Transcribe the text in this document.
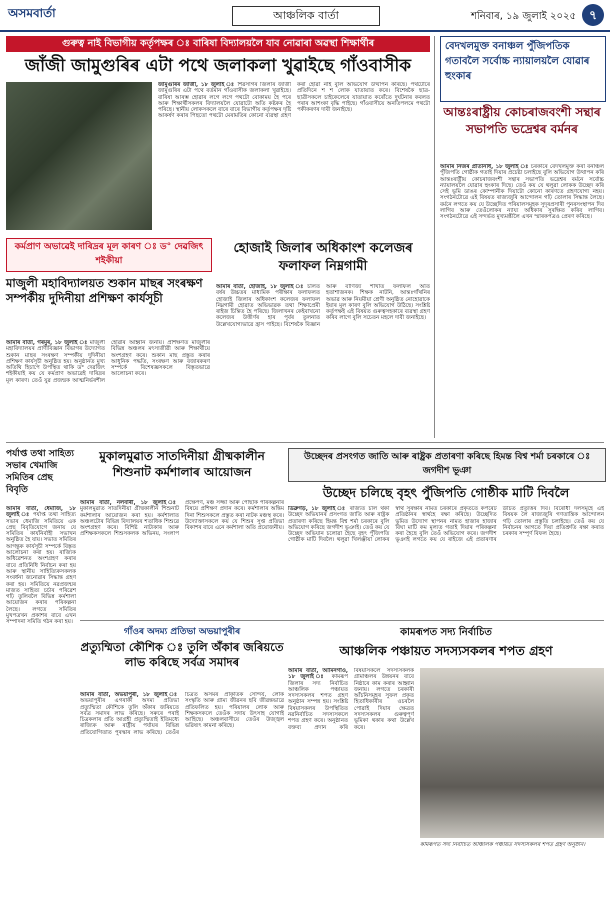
অসমবাৰ্তা	আঞ্চলিক বাৰ্তা	শনিবাৰ, ১৯ জুলাই ২০২৫	৭
গুৰুত্ব নাই বিভাগীয় কৰ্তৃপক্ষৰ ঃ বাৰিষা বিদ্যালয়লৈ যাব নোৱাৰা অৱস্থা শিক্ষাৰ্থীৰ
জাঁজী জামুগুৰিৰ এটা পথে জলাকলা খুৱাইছে গাঁওবাসীক
জামুগুৰিৰ জাঁজী, ১৮ জুলাই ঃ শিৱসাগৰ জিলাৰ জাঁজী জামুগুৰিৰ এটা পথে বৰ্তমান গাঁওবাসীক জলাকলা খুৱাইছে। বাৰিষা আৰম্ভ হোৱাৰ লগে লগে পথটো বোকাময় হৈ পৰে আৰু শিক্ষাৰ্থীসকলৰ বিদ্যালয়লৈ যোৱাটো অতি কষ্টকৰ হৈ পৰিছে। স্থানীয় লোকসকলে বাৰে বাৰে বিভাগীয় কৰ্তৃপক্ষৰ দৃষ্টি আকৰ্ষণ কৰাৰ পিছতো পথটো মেৰামতিৰ কোনো ব্যৱস্থা গ্ৰহণ কৰা হোৱা নাই বুলি অভিযোগ উত্থাপন কৰিছে। পথটোৰে প্ৰতিদিনে শ শ লোক যাতায়াত কৰে। বিশেষকৈ ছাত্ৰ-ছাত্ৰীসকলে চাইকেলেৰে যাতায়াত কৰোঁতে দুৰ্ঘটনাৰ কবলত পৰাৰ আশংকা বৃদ্ধি পাইছে। গাঁওবাসীয়ে অনতিপলমে পথটো পকীকৰণৰ দাবী জনাইছে।
বেদখলমুক্ত বনাঞ্চল পুঁজিপতিক গতাবলৈ সৰ্বোচ্চ ন্যায়ালয়লৈ যোৱাৰ হুংকাৰ
আন্তঃৰাষ্ট্ৰীয় কোচৰাজবংশী সন্থাৰ সভাপতি ভদ্ৰেশ্বৰ বৰ্মনৰ
আমাৰ নিজৰ প্ৰতিনিধি, ১৮ জুলাই ঃ চৰকাৰে বেদখলমুক্ত কৰা বনাঞ্চল পুঁজিপতি গোষ্ঠীক গতাই দিয়াৰ প্ৰচেষ্টা চলাইছে বুলি অভিযোগ উত্থাপন কৰি আন্তঃৰাষ্ট্ৰীয় কোচৰাজবংশী সন্থাৰ সভাপতি ভদ্ৰেশ্বৰ বৰ্মনে সৰ্বোচ্চ ন্যায়ালয়লৈ যোৱাৰ হুংকাৰ দিছে। তেওঁ কয় যে থলুৱা লোকক উচ্ছেদ কৰি সেই ভূমি ডাঙৰ কোম্পানীক দিয়াটো কোনো কাৰণতে গ্ৰহণযোগ্য নহয়। সংগঠনটোৱে এই বিষয়ত ৰাজ্যজুৰি আন্দোলন গঢ়ি তোলাৰ সিদ্ধান্ত লৈছে। বৰ্মনে লগতে কয় যে উচ্ছেদিত পৰিয়ালসমূহক সুদূৰপ্ৰসাৰী পুনৰসংস্থাপন দিব লাগিব আৰু তেওঁলোকৰ ন্যায্য অধিকাৰ সুৰক্ষিত কৰিব লাগিব। সংগঠনটোৱে এই সন্দৰ্ভত মুখ্যমন্ত্ৰীলৈ এখন স্মাৰকপত্ৰও প্ৰেৰণ কৰিছে।
কৰ্মপ্ৰাণ অভাৱেই দাৰিদ্ৰৰ মূল কাৰণ ঃ ড° দেৱজিৎ শইকীয়া
মাজুলী মহাবিদ্যালয়ত শুকান মাছৰ সংৰক্ষণ সম্পৰ্কীয় দুদিনীয়া প্ৰশিক্ষণ কাৰ্যসূচী
আমাৰ বাৰ্তা, গৰমুৰ, ১৮ জুলাই ঃ মাজুলী মহাবিদ্যালয়ৰ প্ৰাণীবিজ্ঞান বিভাগৰ উদ্যোগত শুকান মাছৰ সংৰক্ষণ সম্পৰ্কীয় দুদিনীয়া প্ৰশিক্ষণ কাৰ্যসূচী অনুষ্ঠিত হয়। অনুষ্ঠানত মুখ্য অতিথি হিচাপে উপস্থিত থাকি ড° দেৱজিৎ শইকীয়াই কয় যে কৰ্মপ্ৰাণ অভাৱেই দাৰিদ্ৰৰ মূল কাৰণ। তেওঁ যুৱ প্ৰজন্মক আত্মনিৰ্ভৰশীল হোৱাৰ আহ্বান জনায়। প্ৰশিক্ষণত মাজুলীৰ বিভিন্ন অঞ্চলৰ মৎস্যজীৱী আৰু শিক্ষাৰ্থীয়ে অংশগ্ৰহণ কৰে। শুকান মাছ প্ৰস্তুত কৰাৰ আধুনিক পদ্ধতি, সংৰক্ষণ আৰু বজাৰকৰণ সম্পৰ্কে বিশেষজ্ঞসকলে বিস্তৃতভাৱে আলোচনা কৰে।
হোজাই জিলাৰ অধিকাংশ কলেজৰ ফলাফল নিম্নগামী
আমাৰ বাৰ্তা, হোজাই, ১৮ জুলাই ঃ চলিত বৰ্ষৰ উচ্চতৰ মাধ্যমিক পৰীক্ষাৰ ফলাফলত হোজাই জিলাৰ অধিকাংশ কলেজৰ ফলাফল নিম্নগামী হোৱাত অভিভাৱক তথা শিক্ষাপ্ৰেমী ৰাইজ চিন্তিত হৈ পৰিছে। জিলাখনৰ কেইবাখনো কলেজৰ উত্তীৰ্ণৰ হাৰ পূৰ্বৰ তুলনাত উল্লেখযোগ্যভাৱে হ্ৰাস পাইছে। বিশেষকৈ বিজ্ঞান আৰু বাণিজ্য শাখাত ফলাফল অতি হতাশাজনক। শিক্ষক নাটনি, আন্তঃগাঁথনিৰ অভাৱ আৰু নিয়মীয়া শ্ৰেণী অনুষ্ঠিত নোহোৱাকে ইয়াৰ মূল কাৰণ বুলি অভিযোগ উঠিছে। সংশ্লিষ্ট কৰ্তৃপক্ষই এই বিষয়ত গুৰুত্বসহকাৰে ব্যৱস্থা গ্ৰহণ কৰিব লাগে বুলি সচেতন মহলে দাবী জনাইছে।
পৰ্যাপ্ত তথা সাহিত্য সভাৰ খেমাজি সমিতিৰ প্ৰেছ বিবৃতি
আমাৰ বাৰ্তা, ধেমাজি, ১৮ জুলাই ঃ পৰ্যাপ্ত তথা সাহিত্য সভাৰ ধেমাজি সমিতিয়ে এক প্ৰেছ বিবৃতিযোগে জনায় যে সমিতিৰ কাৰ্যনিৰ্বাহী সভাখন অনুষ্ঠিত হৈ যায়। সভাত সমিতিৰ আগন্তুক কাৰ্যসূচী সম্পৰ্কে বিস্তৃত আলোচনা কৰা হয়। ৰাজ্যিক অধিৱেশনত অংশগ্ৰহণ কৰাৰ বাবে প্ৰতিনিধি নিৰ্বাচন কৰা হয় আৰু স্থানীয় সাহিত্যিকসকলক সংবৰ্ধনা জনোৱাৰ সিদ্ধান্ত গ্ৰহণ কৰা হয়। সমিতিয়ে নৱপ্ৰজন্মৰ মাজত সাহিত্য চৰ্চাৰ পৰিৱেশ গঢ়ি তুলিবলৈ বিভিন্ন কৰ্মশালা আয়োজন কৰাৰ পৰিকল্পনা লৈছে। লগতে সমিতিৰ মুখপত্ৰখন প্ৰকাশৰ বাবে এখন সম্পাদনা সমিতি গঠন কৰা হয়।
মুকালমুৱাত সাতদিনীয়া গ্ৰীষ্মকালীন শিশুনাট কৰ্মশালাৰ আয়োজন
আমাৰ বাৰ্তা, নলবাৰী, ১৮ জুলাই ঃ মুকালমুৱাত সাতদিনীয়া গ্ৰীষ্মকালীন শিশুনাট কৰ্মশালাৰ আয়োজন কৰা হয়। কৰ্মশালাত অঞ্চলটোৰ বিভিন্ন বিদ্যালয়ৰ শতাধিক শিশুৱে অংশগ্ৰহণ কৰে। বিশিষ্ট নাট্যকাৰ আৰু প্ৰশিক্ষকসকলে শিশুসকলক অভিনয়, সংলাপ প্ৰক্ষেপণ, মঞ্চ সজ্জা আৰু পোছাক পৰিকল্পনাৰ বিষয়ে প্ৰশিক্ষণ প্ৰদান কৰে। কৰ্মশালাৰ অন্তিম দিনা শিশুসকলে প্ৰস্তুত কৰা নাটক মঞ্চস্থ কৰে। উদ্যোক্তাসকলে কয় যে শিশুৰ সুপ্ত প্ৰতিভা বিকাশৰ বাবে এনে কৰ্মশালা অতি প্ৰয়োজনীয়।
উচ্ছেদৰ প্ৰসংগত জাতি আৰু ৰাষ্ট্ৰক প্ৰতাৰণা কৰিছে হিমন্ত বিশ্ব শৰ্মা চৰকাৰে ঃ জগদীশ ভূঞা
উচ্ছেদ চলিছে বৃহৎ পুঁজিপতি গোষ্ঠীক মাটি দিবলৈ
ডিব্ৰুগড়, ১৮ জুলাই ঃ ৰাজ্যত চলি থকা উচ্ছেদ অভিযানৰ প্ৰসংগত জাতি আৰু ৰাষ্ট্ৰক প্ৰতাৰণা কৰিছে হিমন্ত বিশ্ব শৰ্মা চৰকাৰে বুলি অভিযোগ কৰিছে জগদীশ ভূঞাই। তেওঁ কয় যে উচ্ছেদ অভিযান চলোৱা হৈছে বৃহৎ পুঁজিপতি গোষ্ঠীক মাটি দিবলৈ। থলুৱা খিলঞ্জীয়া লোকৰ স্বাৰ্থ সুৰক্ষাৰ নামত চৰকাৰে প্ৰকৃততে কৰ্পৰেট প্ৰতিষ্ঠানৰ স্বাৰ্থহে ৰক্ষা কৰিছে। উচ্ছেদিত ভূমিত উদ্যোগ স্থাপনৰ নামত হাজাৰ হাজাৰ বিঘা মাটি কম মূল্যত গতাই দিয়াৰ পৰিকল্পনা কৰা হৈছে বুলি তেওঁ অভিযোগ কৰে। জগদীশ ভূঞাই লগতে কয় যে ৰাইজে এই প্ৰতাৰণাৰ উচিত প্ৰত্যুত্তৰ দিব। বিৰোধী দলসমূহে এই বিষয়ক লৈ ৰাজ্যজুৰি গণতান্ত্ৰিক আন্দোলন গঢ়ি তোলাৰ প্ৰস্তুতি চলাইছে। তেওঁ কয় যে নিৰ্বাচনৰ আগতে দিয়া প্ৰতিশ্ৰুতি ৰক্ষা কৰাত চৰকাৰ সম্পূৰ্ণ বিফল হৈছে।
গাঁওৰ অদম্য প্ৰতিভা অভয়াপুৰীৰ
প্ৰত্যুম্মিতা কৌশিক ঃ তুলি অঁকাৰ জৰিয়তে লাভ কৰিছে সৰ্বত্ৰ সমাদৰ
আমাৰ বাৰ্তা, অভয়াপুৰী, ১৮ জুলাই ঃ অভয়াপুৰীৰ এগৰাকী অদম্য প্ৰতিভা প্ৰত্যুম্মিতা কৌশিকে তুলি অঁকাৰ জৰিয়তে সৰ্বত্ৰ সমাদৰ লাভ কৰিছে। সৰুৰে পৰাই চিত্ৰকলাৰ প্ৰতি আগ্ৰহী প্ৰত্যুম্মিতাই ইতিমধ্যে ৰাজ্যিক আৰু ৰাষ্ট্ৰীয় পৰ্যায়ৰ বিভিন্ন প্ৰতিযোগিতাত পুৰস্কাৰ লাভ কৰিছে। তেওঁৰ চিত্ৰত অসমৰ প্ৰাকৃতিক সৌন্দৰ্য, লোক সংস্কৃতি আৰু গ্ৰাম্য জীৱনৰ ছবি জীৱন্তভাৱে প্ৰতিফলিত হয়। পৰিয়ালৰ লোক আৰু শিক্ষকসকলে তেওঁক সদায় উৎসাহ যোগাই আহিছে। অঞ্চলবাসীয়ে তেওঁৰ উজ্জ্বল ভৱিষ্যৎ কামনা কৰিছে।
কামৰূপত সদ্য নিৰ্বাচিত
আঞ্চলিক পঞ্চায়ত সদস্যসকলৰ শপত গ্ৰহণ
আমাৰ বাৰ্তা, আমিনগাঁও, ১৮ জুলাই ঃ কামৰূপ জিলাৰ সদ্য নিৰ্বাচিত আঞ্চলিক পঞ্চায়ত সদস্যসকলৰ শপত গ্ৰহণ অনুষ্ঠান সম্পন্ন হয়। সংশ্লিষ্ট বিষয়াসকলৰ উপস্থিতিত নৱনিৰ্বাচিত সদস্যসকলে শপত গ্ৰহণ কৰে। অনুষ্ঠানত বক্তব্য প্ৰদান কৰি বিষয়াসকলে সদস্যসকলক গ্ৰামাঞ্চলৰ উন্নয়নৰ বাবে নিষ্ঠাৰে কাম কৰাৰ আহ্বান জনায়। লগতে চৰকাৰী আঁচনিসমূহৰ সুফল প্ৰকৃত হিতাধিকাৰীৰ ওচৰলৈ পোৱাই দিয়াৰ ক্ষেত্ৰত সদস্যসকলৰ গুৰুত্বপূৰ্ণ ভূমিকা থকাৰ কথা উল্লেখ কৰে।
কামৰূপত সদ্য নিৰ্বাচিত আঞ্চলিক পঞ্চায়ত সদস্যসকলৰ শপত গ্ৰহণ অনুষ্ঠান।
